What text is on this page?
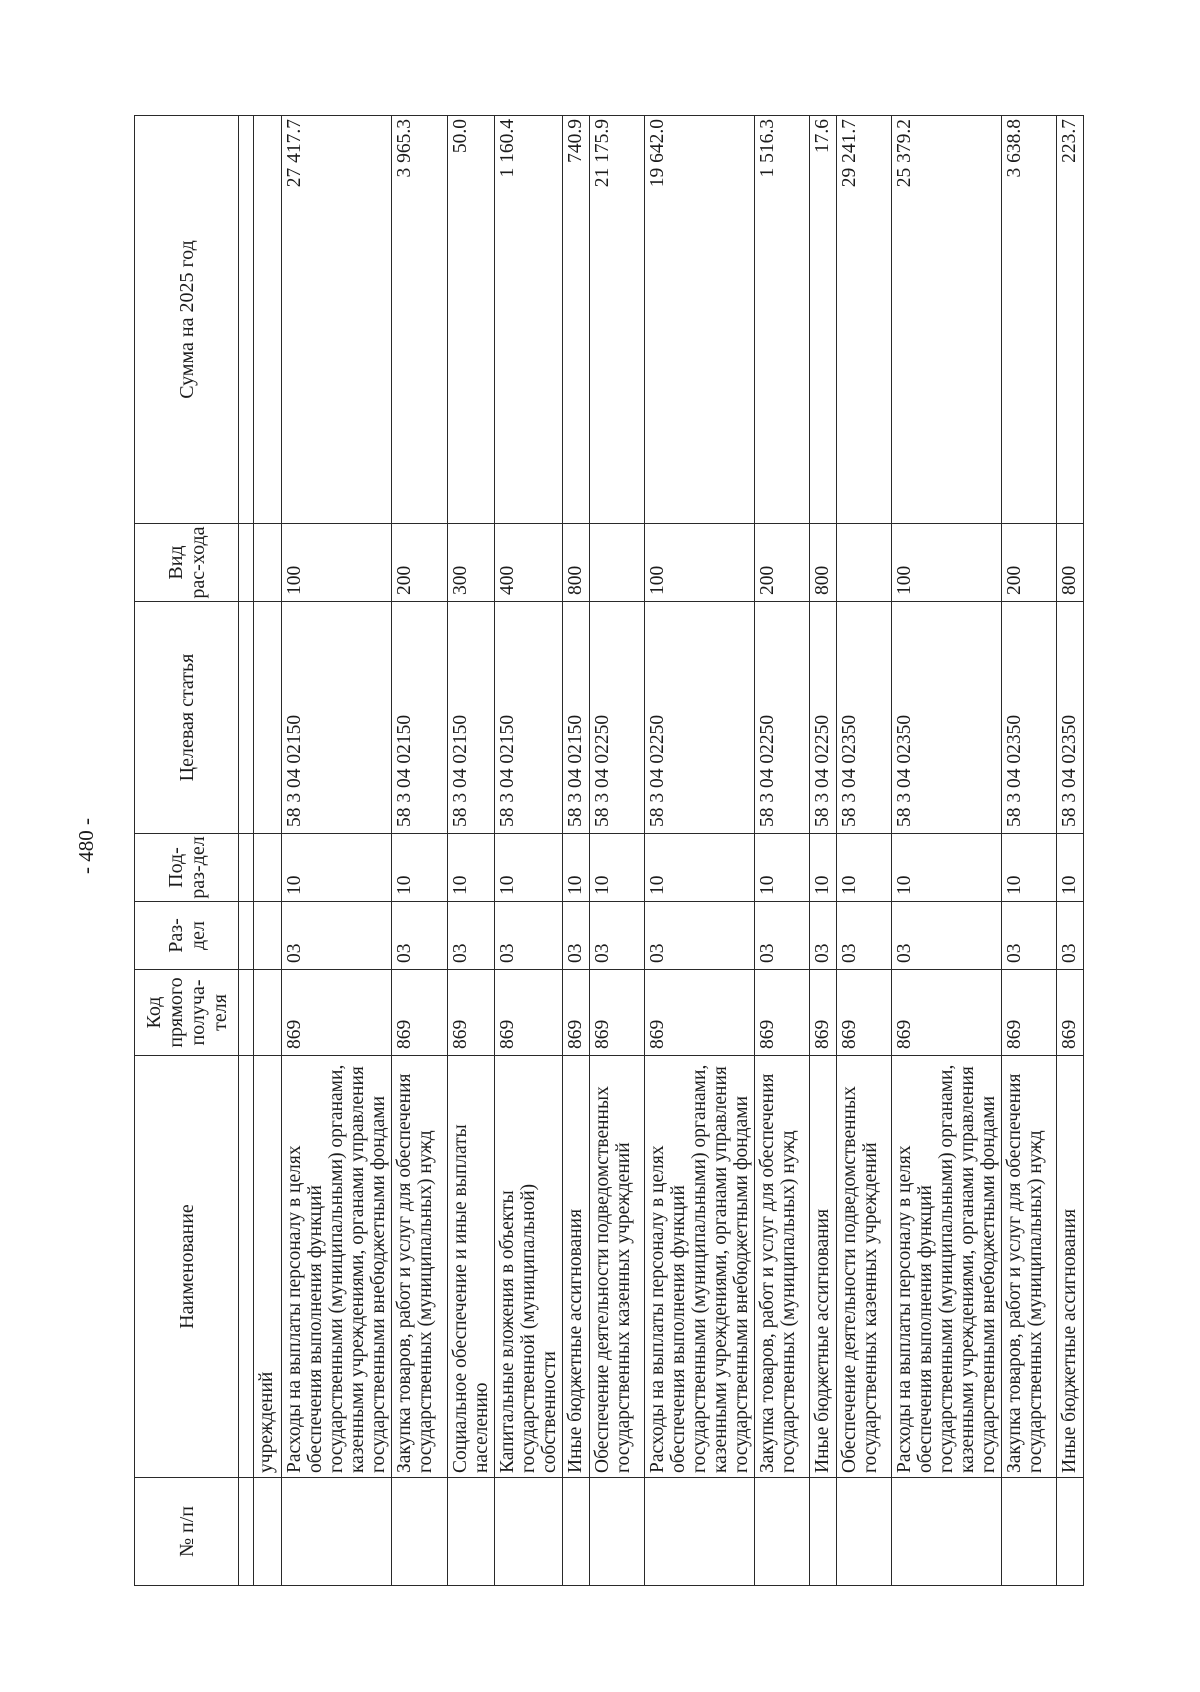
- 480 -
№ п/п	Наименование	Код прямого получа-теля	Раз-дел	Под-раз-дел	Целевая статья	Вид рас-хода	Сумма на 2025 год

	учреждений						
	Расходы на выплаты персоналу в целях обеспечения выполнения функций государственными (муниципальными) органами, казенными учреждениями, органами управления государственными внебюджетными фондами	869	03	10	58 3 04 02150	100	27 417.7
	Закупка товаров, работ и услуг для обеспечения государственных (муниципальных) нужд	869	03	10	58 3 04 02150	200	3 965.3
	Социальное обеспечение и иные выплаты населению	869	03	10	58 3 04 02150	300	50.0
	Капитальные вложения в объекты государственной (муниципальной) собственности	869	03	10	58 3 04 02150	400	1 160.4
	Иные бюджетные ассигнования	869	03	10	58 3 04 02150	800	740.9
	Обеспечение деятельности подведомственных государственных казенных учреждений	869	03	10	58 3 04 02250		21 175.9
	Расходы на выплаты персоналу в целях обеспечения выполнения функций государственными (муниципальными) органами, казенными учреждениями, органами управления государственными внебюджетными фондами	869	03	10	58 3 04 02250	100	19 642.0
	Закупка товаров, работ и услуг для обеспечения государственных (муниципальных) нужд	869	03	10	58 3 04 02250	200	1 516.3
	Иные бюджетные ассигнования	869	03	10	58 3 04 02250	800	17.6
	Обеспечение деятельности подведомственных государственных казенных учреждений	869	03	10	58 3 04 02350		29 241.7
	Расходы на выплаты персоналу в целях обеспечения выполнения функций государственными (муниципальными) органами, казенными учреждениями, органами управления государственными внебюджетными фондами	869	03	10	58 3 04 02350	100	25 379.2
	Закупка товаров, работ и услуг для обеспечения государственных (муниципальных) нужд	869	03	10	58 3 04 02350	200	3 638.8
	Иные бюджетные ассигнования	869	03	10	58 3 04 02350	800	223.7
